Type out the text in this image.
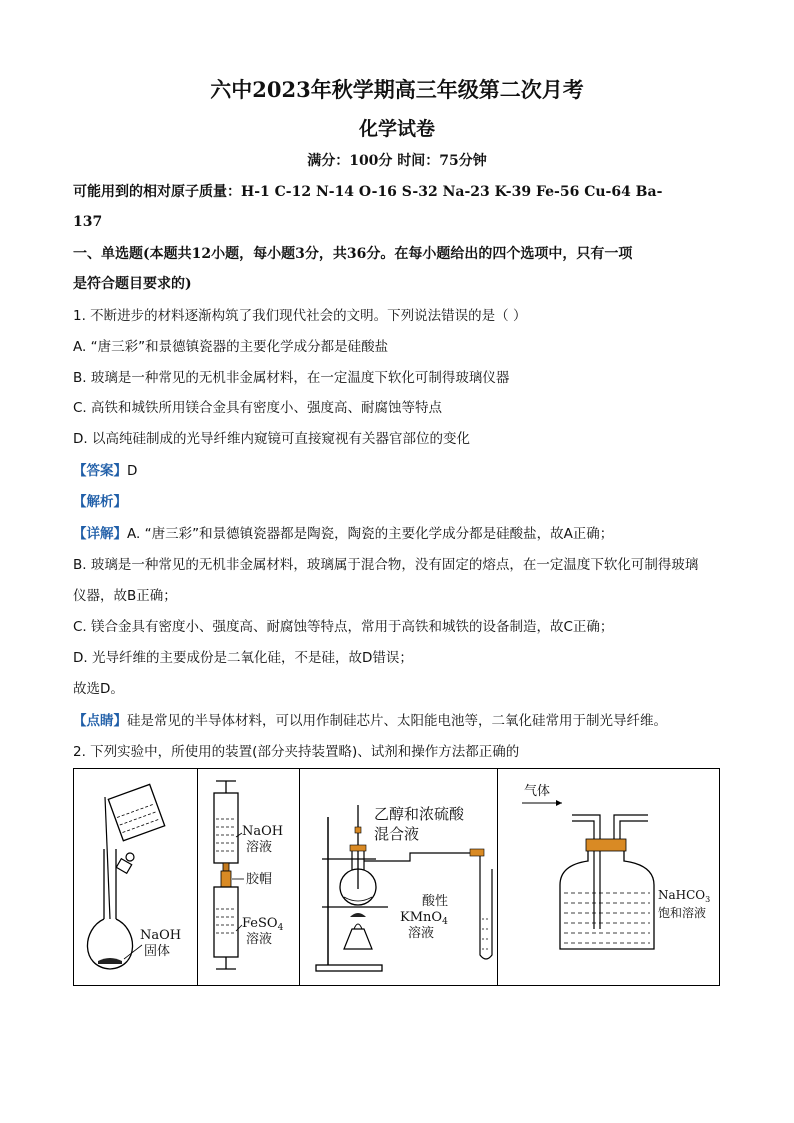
六中2023年秋学期高三年级第二次月考
化学试卷
满分：100分 时间：75分钟
可能用到的相对原子质量：H-1 C-12 N-14 O-16 S-32 Na-23 K-39 Fe-56 Cu-64 Ba-
137
一、单选题(本题共12小题，每小题3分，共36分。在每小题给出的四个选项中，只有一项
是符合题目要求的)
1. 不断进步的材料逐渐构筑了我们现代社会的文明。下列说法错误的是（ ）
A. “唐三彩”和景德镇瓷器的主要化学成分都是硅酸盐
B. 玻璃是一种常见的无机非金属材料，在一定温度下软化可制得玻璃仪器
C. 高铁和城铁所用镁合金具有密度小、强度高、耐腐蚀等特点
D. 以高纯硅制成的光导纤维内窥镜可直接窥视有关器官部位的变化
【答案】D
【解析】
【详解】A. “唐三彩”和景德镇瓷器都是陶瓷，陶瓷的主要化学成分都是硅酸盐，故A正确；
B. 玻璃是一种常见的无机非金属材料，玻璃属于混合物，没有固定的熔点，在一定温度下软化可制得玻璃
仪器，故B正确；
C. 镁合金具有密度小、强度高、耐腐蚀等特点，常用于高铁和城铁的设备制造，故C正确；
D. 光导纤维的主要成份是二氧化硅，不是硅，故D错误；
故选D。
【点睛】硅是常见的半导体材料，可以用作制硅芯片、太阳能电池等，二氧化硅常用于制光导纤维。
2. 下列实验中，所使用的装置(部分夹持装置略)、试剂和操作方法都正确的
NaOH
固体
NaOH
溶液
胶帽
FeSO$_4$
溶液
乙醇和浓硫酸
混合液
酸性
KMnO$_4$
溶液
气体
NaHCO$_3$
饱和溶液
